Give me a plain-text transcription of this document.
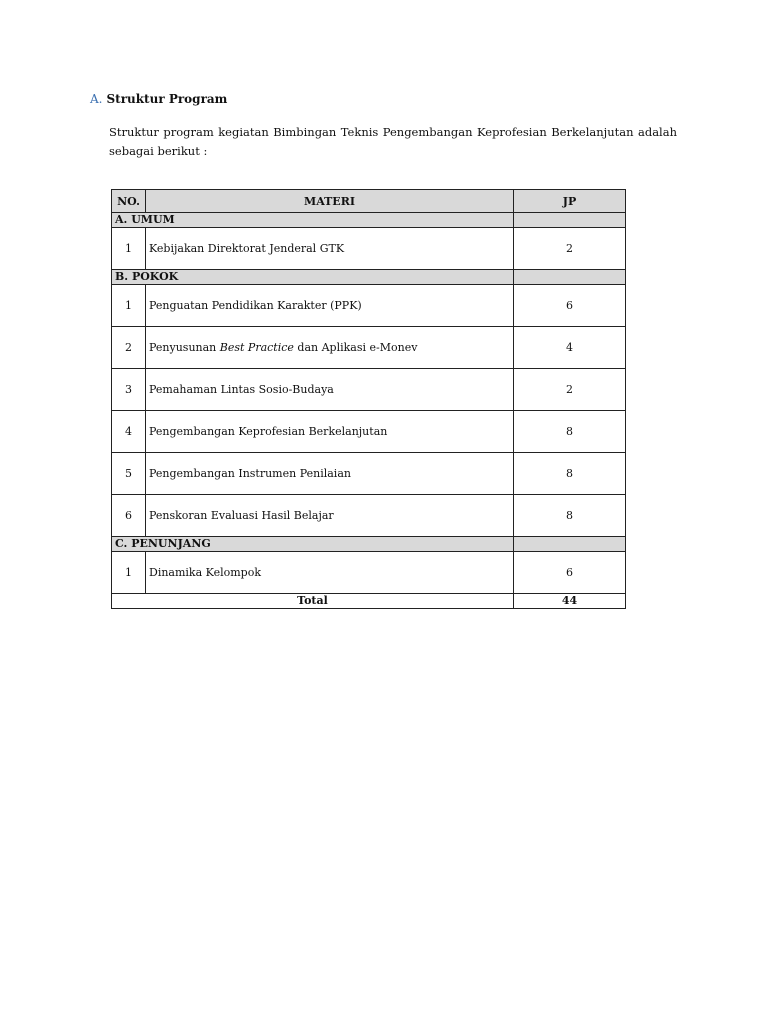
A. Struktur Program

Struktur program kegiatan Bimbingan Teknis Pengembangan Keprofesian Berkelanjutan adalah sebagai berikut :

NO.	MATERI	JP
A. UMUM		
1	Kebijakan Direktorat Jenderal GTK	2
B. POKOK		
1	Penguatan Pendidikan Karakter (PPK)	6
2	Penyusunan Best Practice dan Aplikasi e-Monev	4
3	Pemahaman Lintas Sosio-Budaya	2
4	Pengembangan Keprofesian Berkelanjutan	8
5	Pengembangan Instrumen Penilaian	8
6	Penskoran Evaluasi Hasil Belajar	8
C. PENUNJANG		
1	Dinamika Kelompok	6
Total		44
